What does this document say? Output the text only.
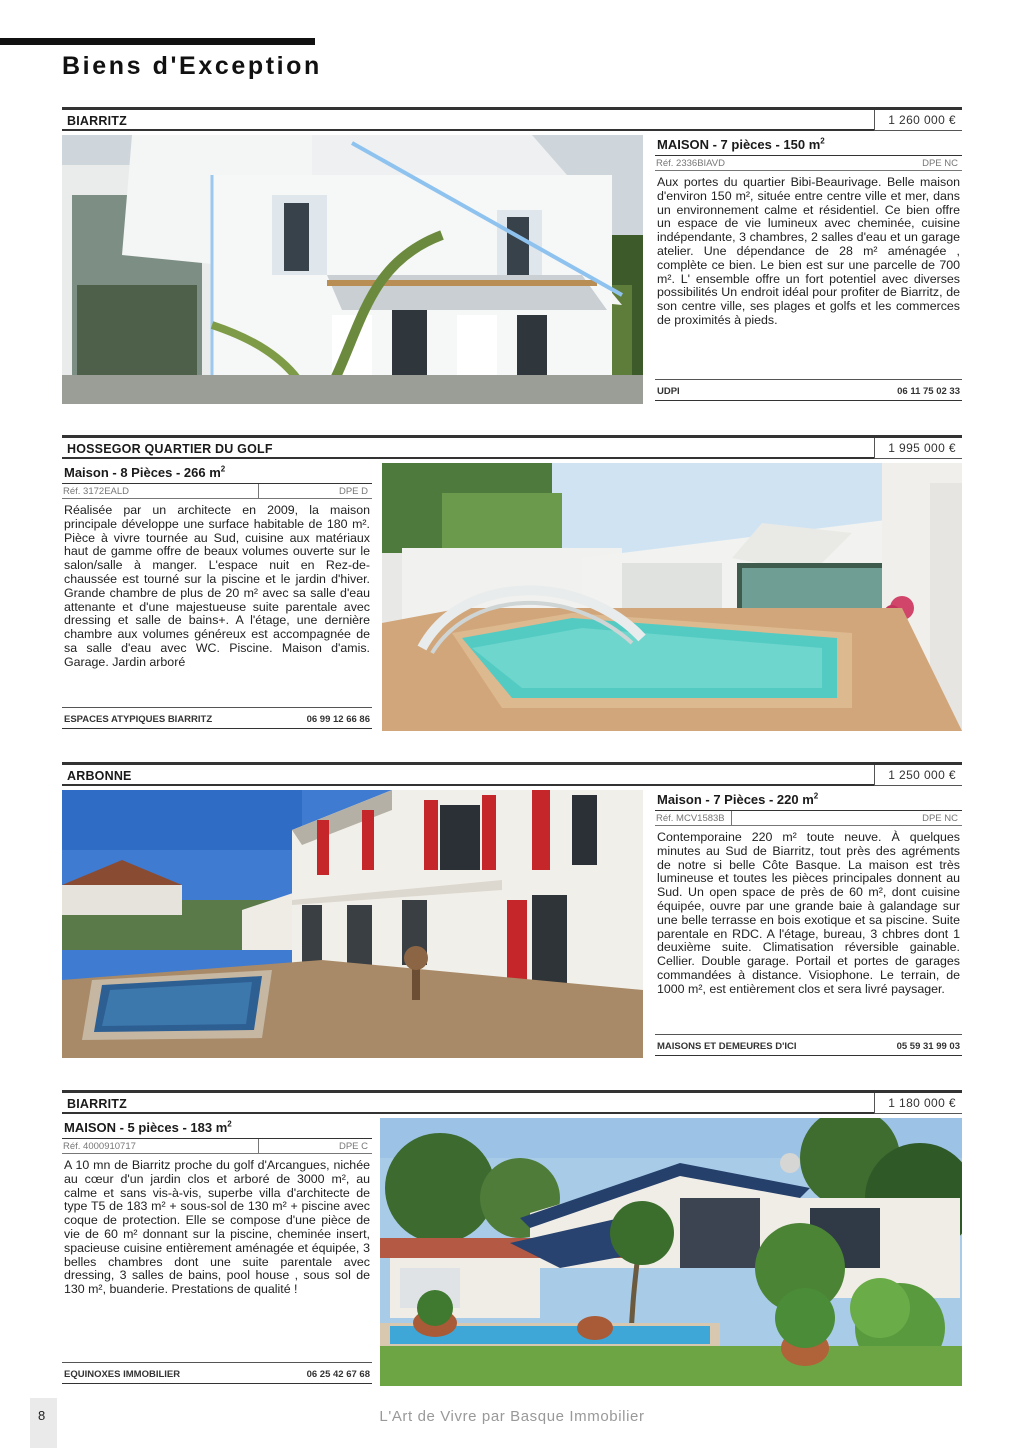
Biens d'Exception
BIARRITZ	1 260 000 €
MAISON - 7 pièces - 150 $m^2$
Réf. 2336BIAVD	DPE NC
Aux portes du quartier Bibi-Beaurivage. Belle maison d'environ 150 m², située entre centre ville et mer, dans un environnement calme et résidentiel. Ce bien offre un espace de vie lumineux avec cheminée, cuisine indépendante, 3 chambres, 2 salles d'eau et un garage atelier. Une dépendance de 28 m² aménagée , complète ce bien. Le bien est sur une parcelle de 700 m². L' ensemble offre un fort potentiel avec diverses possibilités Un endroit idéal pour profiter de Biarritz, de son centre ville, ses plages et golfs et les commerces de proximités à pieds.
UDPI	06 11 75 02 33
HOSSEGOR QUARTIER DU GOLF	1 995 000 €
Maison - 8 Pièces - 266 $m^2$
Réf. 3172EALD	DPE D
Réalisée par un architecte en 2009, la maison principale développe une surface habitable de 180 m². Pièce à vivre tournée au Sud, cuisine aux matériaux haut de gamme offre de beaux volumes ouverte sur le salon/salle à manger. L'espace nuit en Rez-de-chaussée est tourné sur la piscine et le jardin d'hiver. Grande chambre de plus de 20 m² avec sa salle d'eau attenante et d'une majestueuse suite parentale avec dressing et salle de bains+. A l'étage, une dernière chambre aux volumes généreux est accompagnée de sa salle d'eau avec WC. Piscine. Maison d'amis. Garage. Jardin arboré
ESPACES ATYPIQUES BIARRITZ	06 99 12 66 86
ARBONNE	1 250 000 €
Maison - 7 Pièces - 220 $m^2$
Réf. MCV1583B	DPE NC
Contemporaine 220 m² toute neuve. À quelques minutes au Sud de Biarritz, tout près des agréments de notre si belle Côte Basque. La maison est très lumineuse et toutes les pièces principales donnent au Sud. Un open space de près de 60 m², dont cuisine équipée, ouvre par une grande baie à galandage sur une belle terrasse en bois exotique et sa piscine. Suite parentale en RDC. A l'étage, bureau, 3 chbres dont 1 deuxième suite. Climatisation réversible gainable. Cellier. Double garage. Portail et portes de garages commandées à distance. Visiophone. Le terrain, de 1000 m², est entièrement clos et sera livré paysager.
MAISONS ET DEMEURES D'ICI	05 59 31 99 03
BIARRITZ	1 180 000 €
MAISON - 5 pièces - 183 $m^2$
Réf. 4000910717	DPE C
A 10 mn de Biarritz proche du golf d'Arcangues, nichée au cœur d'un jardin clos et arboré de 3000 m², au calme et sans vis-à-vis, superbe villa d'architecte de type T5 de 183 m² + sous-sol de 130 m² + piscine avec coque de protection. Elle se compose d'une pièce de vie de 60 m² donnant sur la piscine, cheminée insert, spacieuse cuisine entièrement aménagée et équipée, 3 belles chambres dont une suite parentale avec dressing, 3 salles de bains, pool house , sous sol de 130 m², buanderie. Prestations de qualité !
EQUINOXES IMMOBILIER	06 25 42 67 68
8	L'Art de Vivre par Basque Immobilier
